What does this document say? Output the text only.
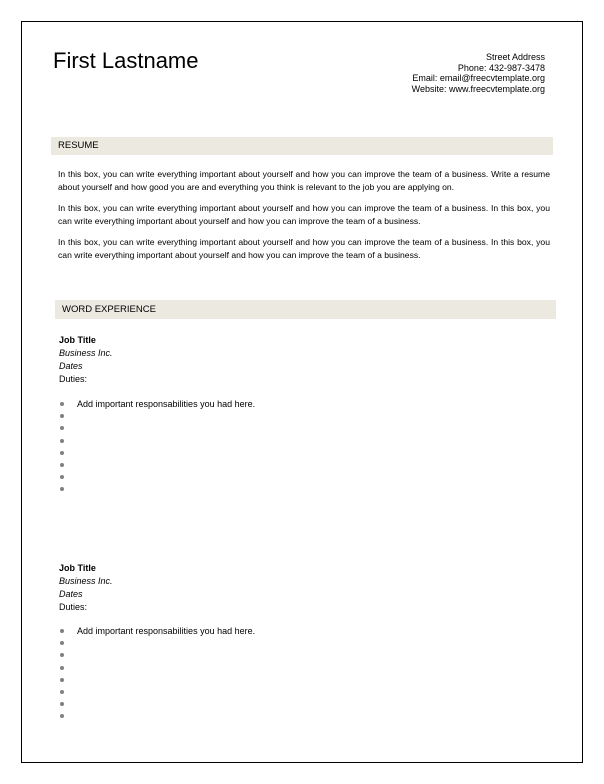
First Lastname	Street Address
Phone: 432-987-3478
Email: email@freecvtemplate.org
Website: www.freecvtemplate.org
RESUME
In this box, you can write everything important about yourself and how you can improve the team of a business. Write a resume about yourself and how good you are and everything you think is relevant to the job you are applying on.
In this box, you can write everything important about yourself and how you can improve the team of a business. In this box, you can write everything important about yourself and how you can improve the team of a business.
In this box, you can write everything important about yourself and how you can improve the team of a business. In this box, you can write everything important about yourself and how you can improve the team of a business.
WORD EXPERIENCE
Job Title
Business Inc.
Dates
Duties:
Add important responsabilities you had here.
Job Title
Business Inc.
Dates
Duties:
Add important responsabilities you had here.
